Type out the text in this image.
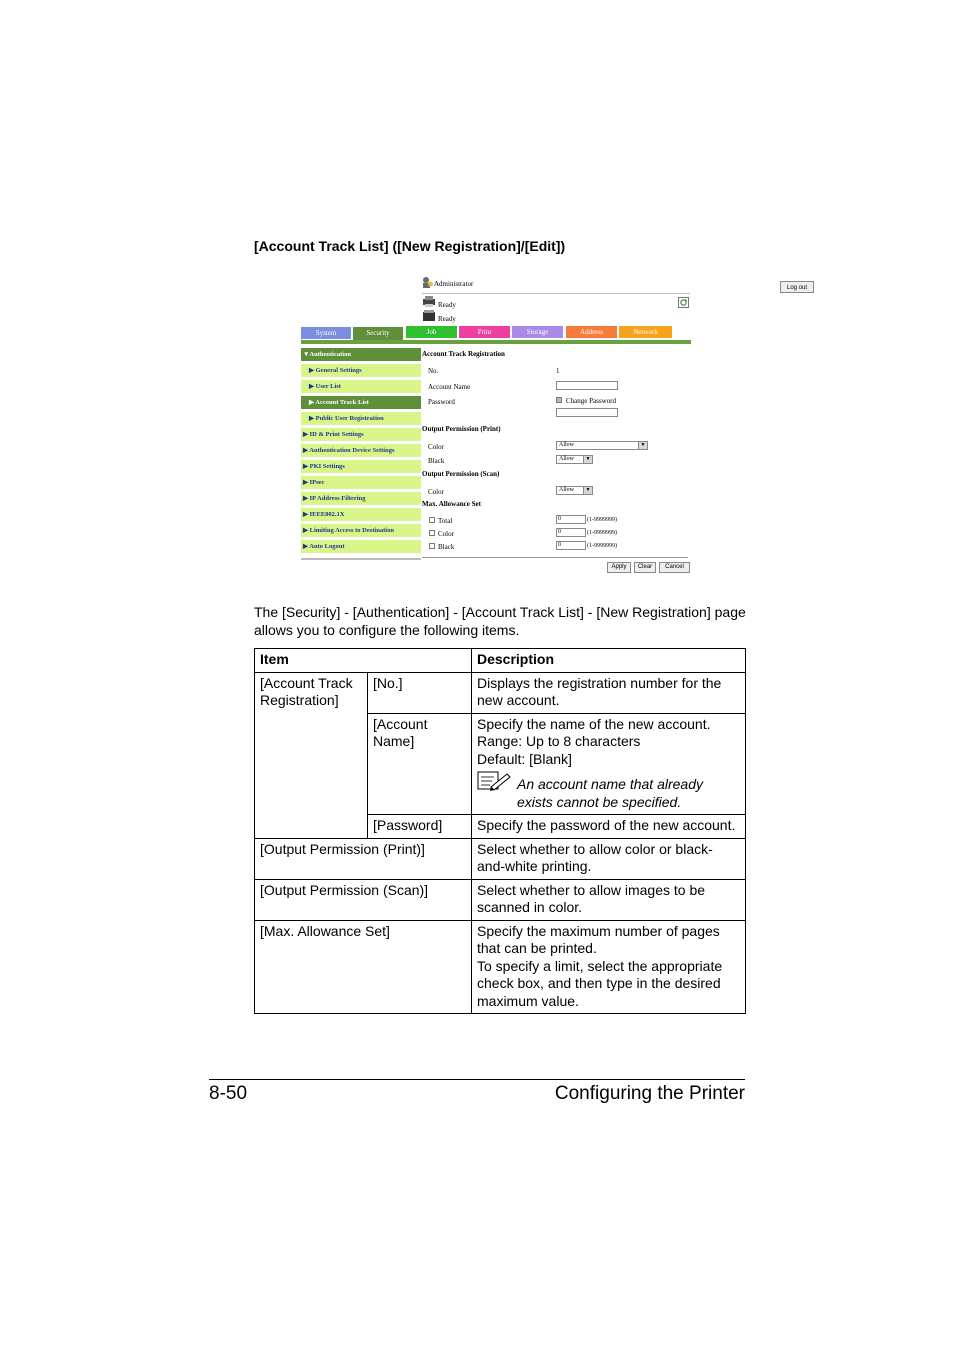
[Account Track List] ([New Registration]/[Edit])
Administrator	Log out
Ready
Ready
System	Security	Job	Print	Storage	Address	Network
▼Authentication
▶ General Settings
▶ User List
▶ Account Track List
▶ Public User Registration
▶ ID & Print Settings
▶ Authentication Device Settings
▶ PKI Settings
▶ IPsec
▶ IP Address Filtering
▶ IEEE802.1X
▶ Limiting Access to Destination
▶ Auto Logout
Account Track Registration
No.	1
Account Name
Password	Change Password
Output Permission (Print)
Color	Allow	▼
Black	Allow	▼
Output Permission (Scan)
Color	Allow	▼
Max. Allowance Set
Total	0	(1-9999999)
Color	0	(1-9999999)
Black	0	(1-9999999)
Apply	Clear	Cancel
The [Security] - [Authentication] - [Account Track List] - [New Registration] page allows you to configure the following items.
Item		Description
[Account Track Registration]	[No.]	Displays the registration number for the new account.
	[Account Name]	Specify the name of the new account.
Range: Up to 8 characters
Default: [Blank]
An account name that already exists cannot be specified.

	[Password]	Specify the password of the new account.
[Output Permission (Print)]		Select whether to allow color or black-and-white printing.
[Output Permission (Scan)]		Select whether to allow images to be scanned in color.
[Max. Allowance Set]		Specify the maximum number of pages that can be printed.
To specify a limit, select the appropriate check box, and then type in the desired maximum value.
8-50	Configuring the Printer
